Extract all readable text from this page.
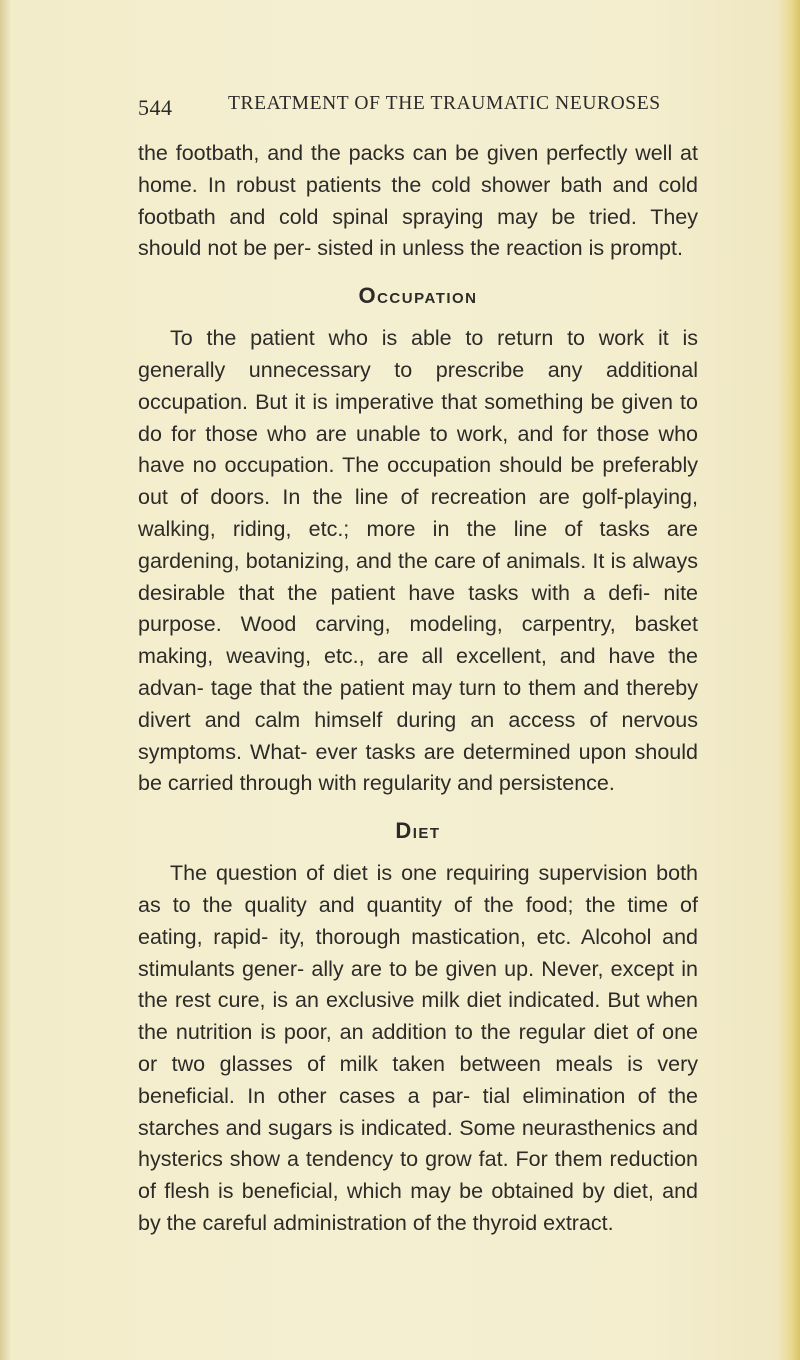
544	TREATMENT OF THE TRAUMATIC NEUROSES

the footbath, and the packs can be given perfectly well at home. In robust patients the cold shower bath and cold footbath and cold spinal spraying may be tried. They should not be per- sisted in unless the reaction is prompt.

Occupation

To the patient who is able to return to work it is generally unnecessary to prescribe any additional occupation. But it is imperative that something be given to do for those who are unable to work, and for those who have no occupation. The occupation should be preferably out of doors. In the line of recreation are golf-playing, walking, riding, etc.; more in the line of tasks are gardening, botanizing, and the care of animals. It is always desirable that the patient have tasks with a defi- nite purpose. Wood carving, modeling, carpentry, basket making, weaving, etc., are all excellent, and have the advan- tage that the patient may turn to them and thereby divert and calm himself during an access of nervous symptoms. What- ever tasks are determined upon should be carried through with regularity and persistence.

Diet

The question of diet is one requiring supervision both as to the quality and quantity of the food; the time of eating, rapid- ity, thorough mastication, etc. Alcohol and stimulants gener- ally are to be given up. Never, except in the rest cure, is an exclusive milk diet indicated. But when the nutrition is poor, an addition to the regular diet of one or two glasses of milk taken between meals is very beneficial. In other cases a par- tial elimination of the starches and sugars is indicated. Some neurasthenics and hysterics show a tendency to grow fat. For them reduction of flesh is beneficial, which may be obtained by diet, and by the careful administration of the thyroid extract.
